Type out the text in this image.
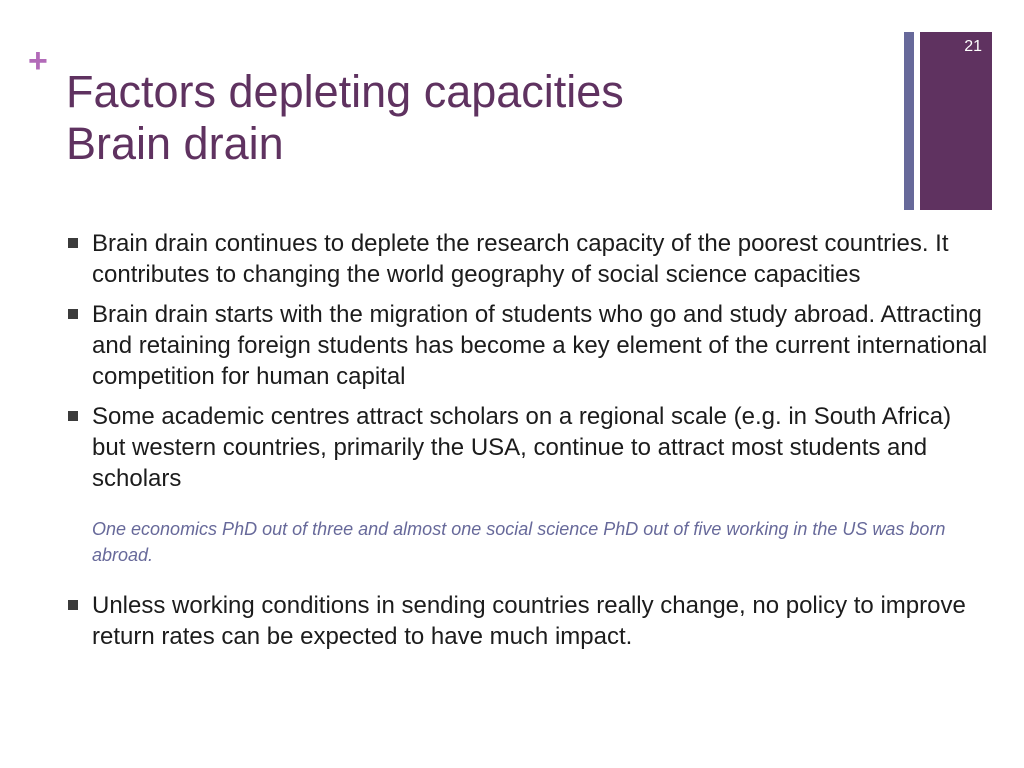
+
Factors depleting capacities
Brain drain
21
Brain drain continues to deplete the research capacity of the poorest countries. It contributes to changing the world geography of social science capacities
Brain drain starts with the migration of students who go and study abroad. Attracting and retaining foreign students has become a key element of the current international competition for human capital
Some academic centres attract scholars on a regional scale (e.g. in South Africa) but western countries, primarily the USA, continue to attract most students and scholars
One economics PhD out of three and almost one social science PhD out of five working in the US was born abroad.
Unless working conditions in sending countries really change, no policy to improve return rates can be expected to have much impact.
